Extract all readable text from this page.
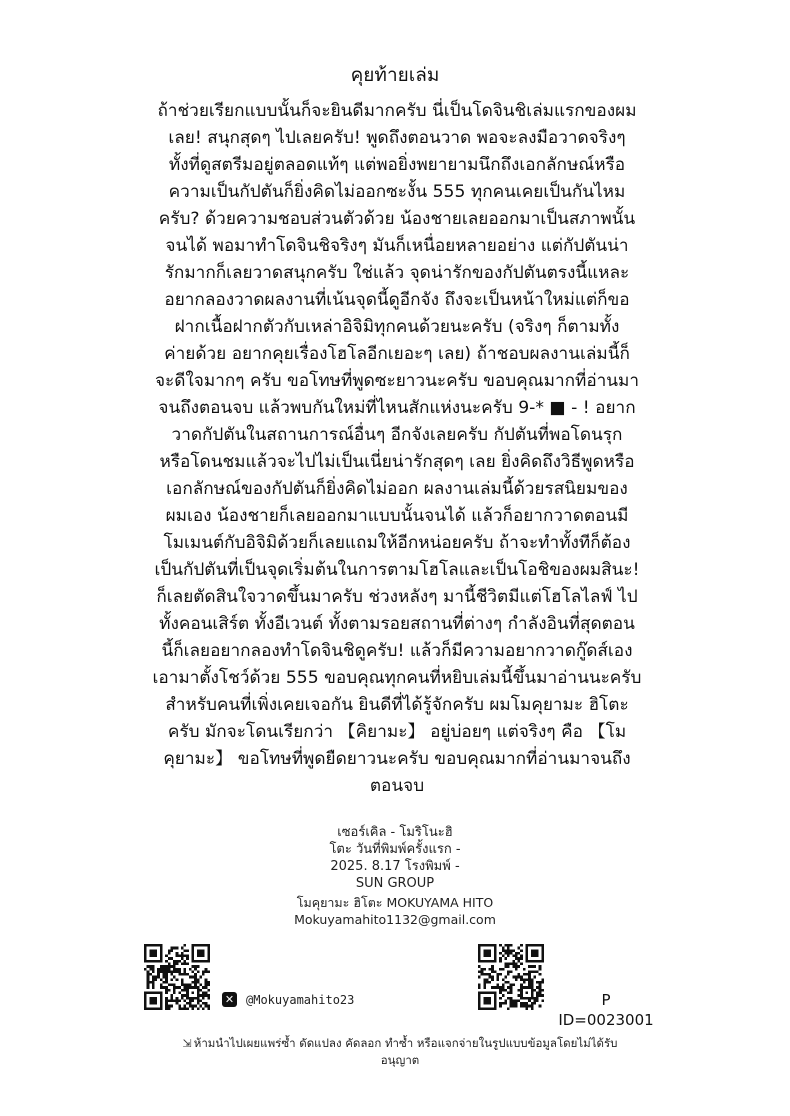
คุยท้ายเล่ม

ถ้าช่วยเรียกแบบนั้นก็จะยินดีมากครับ นี่เป็นโดจินชิเล่มแรกของผม

เลย! สนุกสุดๆ ไปเลยครับ! พูดถึงตอนวาด พอจะลงมือวาดจริงๆ

ทั้งที่ดูสตรีมอยู่ตลอดแท้ๆ แต่พอยิ่งพยายามนึกถึงเอกลักษณ์หรือ

ความเป็นกัปตันก็ยิ่งคิดไม่ออกซะงั้น 555 ทุกคนเคยเป็นกันไหม

ครับ? ด้วยความชอบส่วนตัวด้วย น้องชายเลยออกมาเป็นสภาพนั้น

จนได้ พอมาทำโดจินชิจริงๆ มันก็เหนื่อยหลายอย่าง แต่กัปตันน่า

รักมากก็เลยวาดสนุกครับ ใช่แล้ว จุดน่ารักของกัปตันตรงนี้แหละ

อยากลองวาดผลงานที่เน้นจุดนี้ดูอีกจัง ถึงจะเป็นหน้าใหม่แต่ก็ขอ

ฝากเนื้อฝากตัวกับเหล่าอิจิมิทุกคนด้วยนะครับ (จริงๆ ก็ตามทั้ง

ค่ายด้วย อยากคุยเรื่องโฮโลอีกเยอะๆ เลย) ถ้าชอบผลงานเล่มนี้ก็

จะดีใจมากๆ ครับ ขอโทษที่พูดซะยาวนะครับ ขอบคุณมากที่อ่านมา

จนถึงตอนจบ แล้วพบกันใหม่ที่ไหนสักแห่งนะครับ 9-* ■ - ! อยาก

วาดกัปตันในสถานการณ์อื่นๆ อีกจังเลยครับ กัปตันที่พอโดนรุก

หรือโดนชมแล้วจะไปไม่เป็นเนี่ยน่ารักสุดๆ เลย ยิ่งคิดถึงวิธีพูดหรือ

เอกลักษณ์ของกัปตันก็ยิ่งคิดไม่ออก ผลงานเล่มนี้ด้วยรสนิยมของ

ผมเอง น้องชายก็เลยออกมาแบบนั้นจนได้ แล้วก็อยากวาดตอนมี

โมเมนต์กับอิจิมิด้วยก็เลยแถมให้อีกหน่อยครับ ถ้าจะทำทั้งทีก็ต้อง

เป็นกัปตันที่เป็นจุดเริ่มต้นในการตามโฮโลและเป็นโอชิของผมสินะ!

ก็เลยตัดสินใจวาดขึ้นมาครับ ช่วงหลังๆ มานี้ชีวิตมีแต่โฮโลไลฟ์ ไป

ทั้งคอนเสิร์ต ทั้งอีเวนต์ ทั้งตามรอยสถานที่ต่างๆ กำลังอินที่สุดตอน

นี้ก็เลยอยากลองทำโดจินชิดูครับ! แล้วก็มีความอยากวาดกู๊ดส์เอง

เอามาตั้งโชว์ด้วย 555 ขอบคุณทุกคนที่หยิบเล่มนี้ขึ้นมาอ่านนะครับ

สำหรับคนที่เพิ่งเคยเจอกัน ยินดีที่ได้รู้จักครับ ผมโมคุยามะ ฮิโตะ

ครับ มักจะโดนเรียกว่า 【คิยามะ】 อยู่บ่อยๆ แต่จริงๆ คือ 【โม

คุยามะ】 ขอโทษที่พูดยืดยาวนะครับ ขอบคุณมากที่อ่านมาจนถึง

ตอนจบ

เซอร์เคิล - โมริโนะฮิ
โตะ วันที่พิมพ์ครั้งแรก -
2025. 8.17 โรงพิมพ์ -
SUN GROUP
โมคุยามะ ฮิโตะ MOKUYAMA HITO
Mokuyamahito1132@gmail.com
✕ @Mokuyamahito23	P
ID=0023001
⇲ ห้ามนำไปเผยแพร่ซ้ำ ดัดแปลง คัดลอก ทำซ้ำ หรือแจกจ่ายในรูปแบบข้อมูลโดยไม่ได้รับ
อนุญาต
